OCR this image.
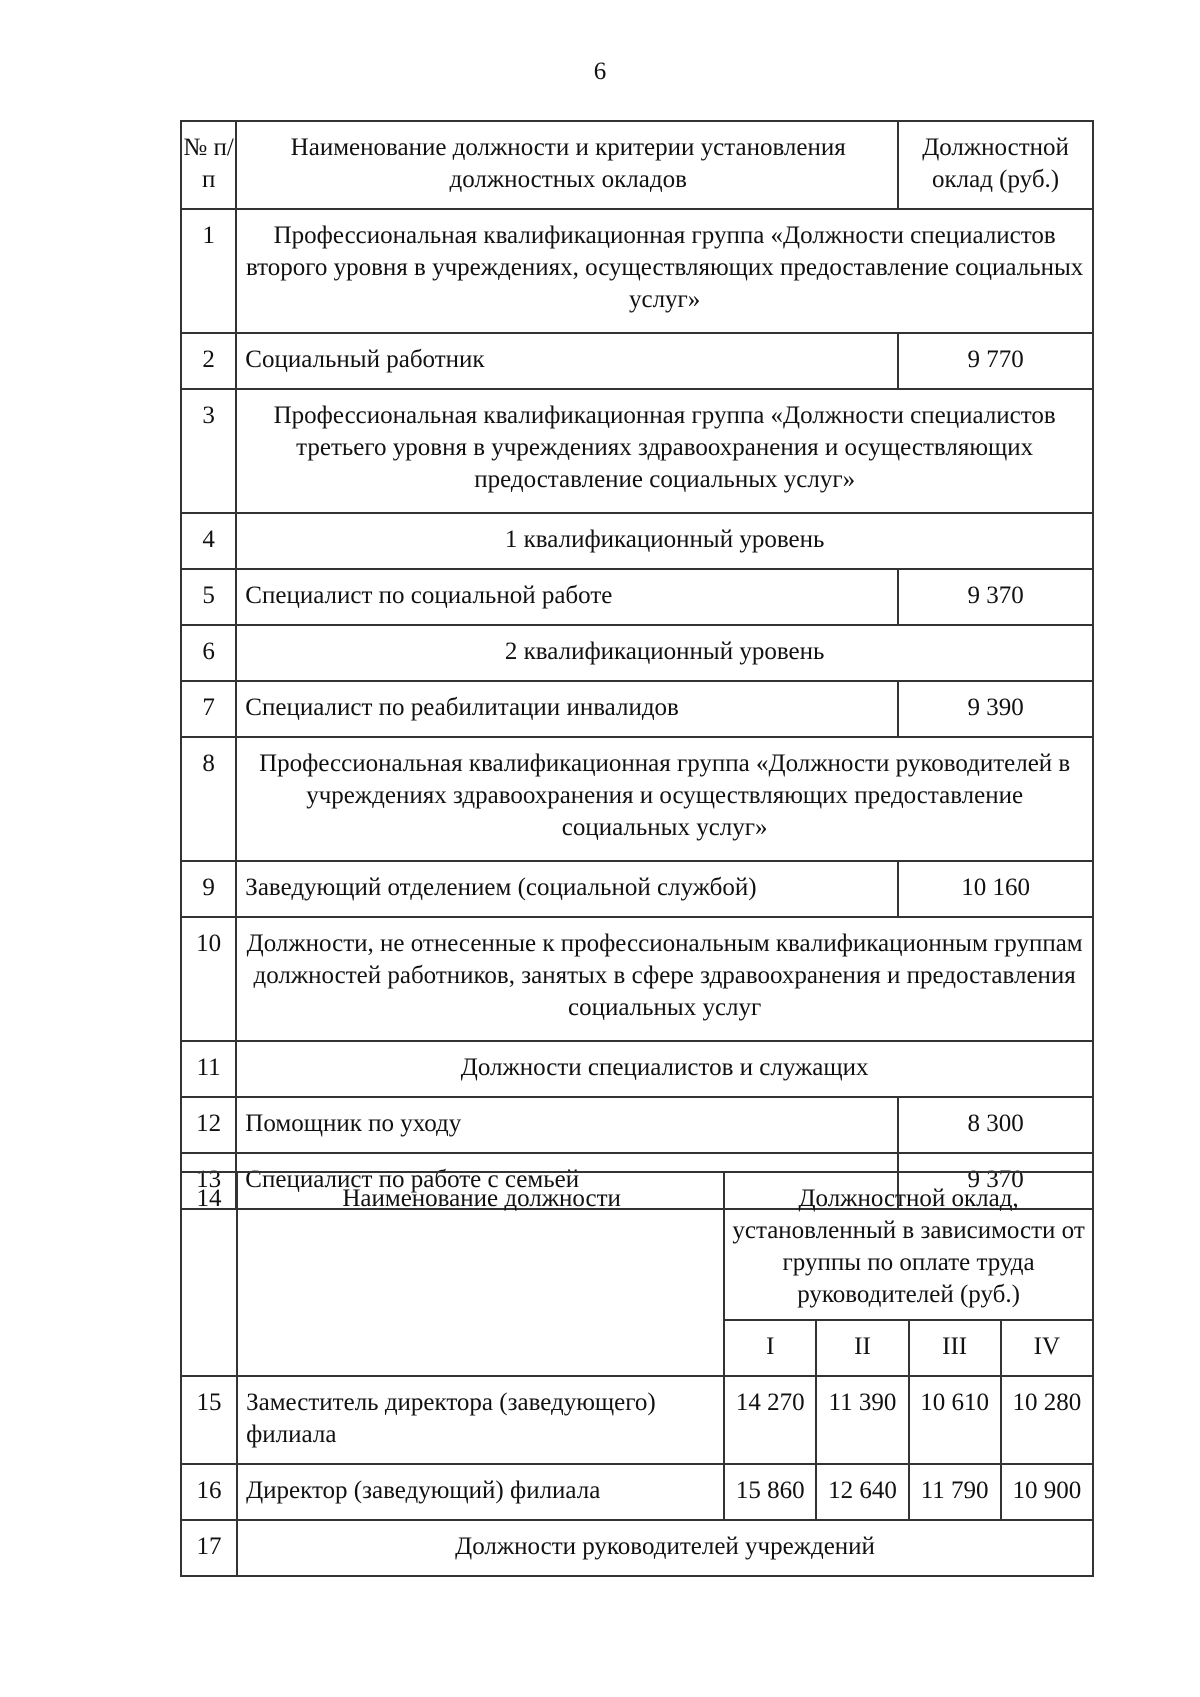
6
№ п/п	Наименование должности и критерии установления должностных окладов	Должностной оклад (руб.)
1	Профессиональная квалификационная группа «Должности специалистов второго уровня в учреждениях, осуществляющих предоставление социальных услуг»	
2	Социальный работник	9 770
3	Профессиональная квалификационная группа «Должности специалистов третьего уровня в учреждениях здравоохранения и осуществляющих предоставление социальных услуг»	
4	1 квалификационный уровень	
5	Специалист по социальной работе	9 370
6	2 квалификационный уровень	
7	Специалист по реабилитации инвалидов	9 390
8	Профессиональная квалификационная группа «Должности руководителей в учреждениях здравоохранения и осуществляющих предоставление социальных услуг»	
9	Заведующий отделением (социальной службой)	10 160
10	Должности, не отнесенные к профессиональным квалификационным группам должностей работников, занятых в сфере здравоохранения и предоставления социальных услуг	
11	Должности специалистов и служащих	
12	Помощник по уходу	8 300
13	Специалист по работе с семьей	9 370
14	Наименование должности	Должностной оклад, установленный в зависимости от группы по оплате труда руководителей (руб.)			
		I	II	III	IV
15	Заместитель директора (заведующего) филиала	14 270	11 390	10 610	10 280
16	Директор (заведующий) филиала	15 860	12 640	11 790	10 900
17	Должности руководителей учреждений				
